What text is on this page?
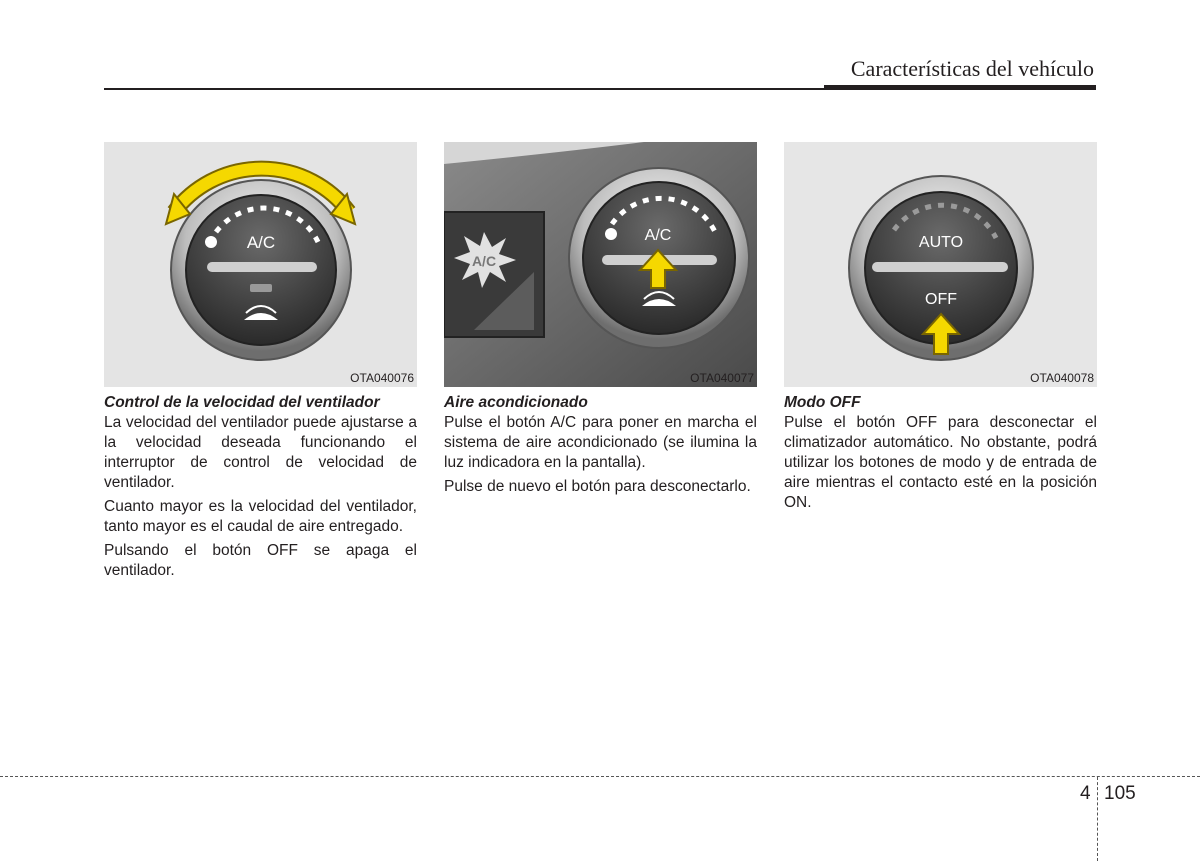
Características del vehículo
A/C
OTA040076
A/C
A/C
OTA040077
AUTO
OFF
OTA040078
Control de la velocidad del ventilador

La velocidad del ventilador puede ajustarse a la velocidad deseada funcionando el interruptor de control de velocidad de ventilador.

Cuanto mayor es la velocidad del ventilador, tanto mayor es el caudal de aire entregado.

Pulsando el botón OFF se apaga el ventilador.

Aire acondicionado

Pulse el botón A/C para poner en marcha el sistema de aire acondicionado (se ilumina la luz indicadora en la pantalla).

Pulse de nuevo el botón para desconectarlo.

Modo OFF

Pulse el botón OFF para desconectar el climatizador automático. No obstante, podrá utilizar los botones de modo y de entrada de aire mientras el contacto esté en la posición ON.

4 105
